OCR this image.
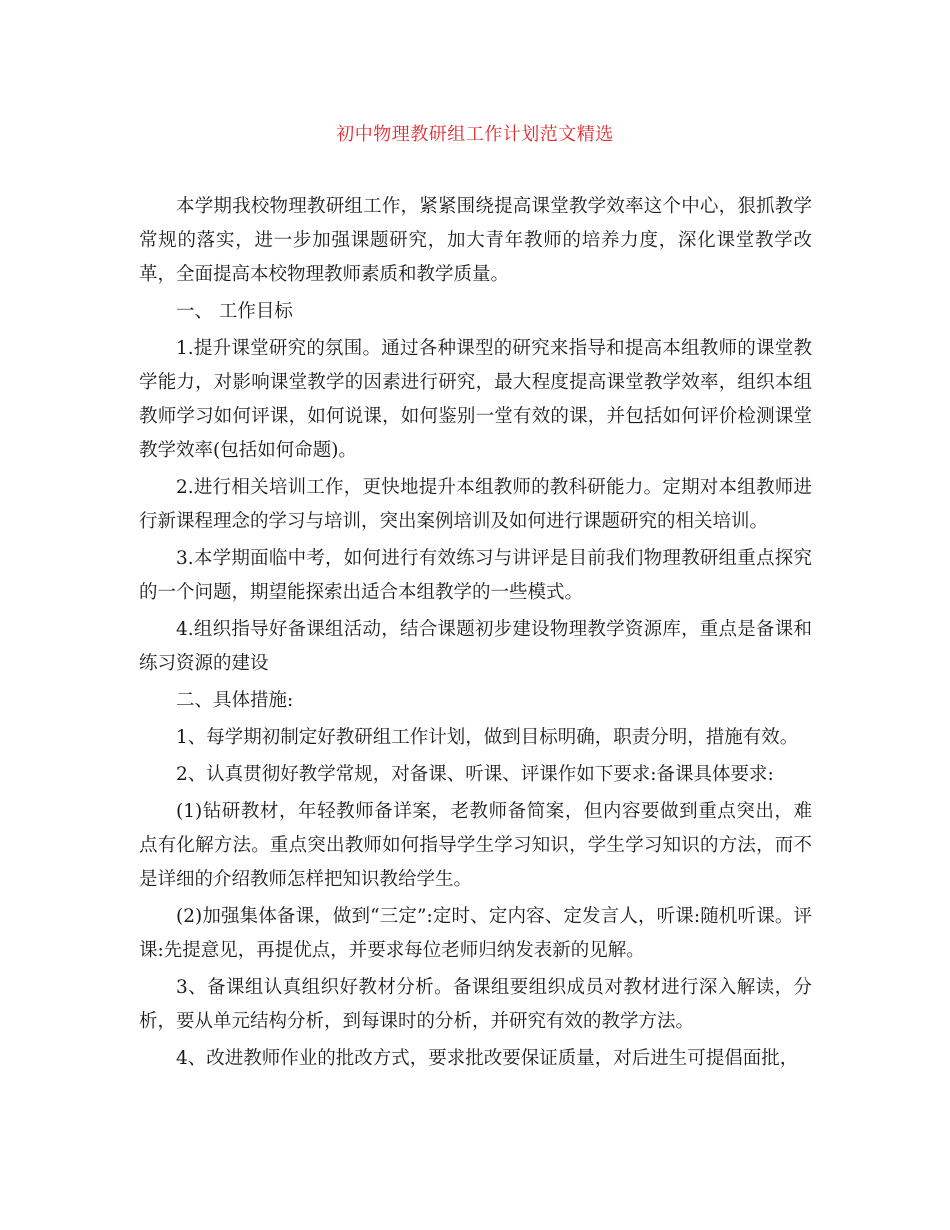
初中物理教研组工作计划范文精选

本学期我校物理教研组工作，紧紧围绕提高课堂教学效率这个中心，狠抓教学常规的落实，进一步加强课题研究，加大青年教师的培养力度，深化课堂教学改革，全面提高本校物理教师素质和教学质量。

一、 工作目标

1.提升课堂研究的氛围。通过各种课型的研究来指导和提高本组教师的课堂教学能力，对影响课堂教学的因素进行研究，最大程度提高课堂教学效率，组织本组教师学习如何评课，如何说课，如何鉴别一堂有效的课，并包括如何评价检测课堂教学效率(包括如何命题)。

2.进行相关培训工作，更快地提升本组教师的教科研能力。定期对本组教师进行新课程理念的学习与培训，突出案例培训及如何进行课题研究的相关培训。

3.本学期面临中考，如何进行有效练习与讲评是目前我们物理教研组重点探究的一个问题，期望能探索出适合本组教学的一些模式。

4.组织指导好备课组活动，结合课题初步建设物理教学资源库，重点是备课和练习资源的建设

二、具体措施:

1、每学期初制定好教研组工作计划，做到目标明确，职责分明，措施有效。

2、认真贯彻好教学常规，对备课、听课、评课作如下要求:备课具体要求:

(1)钻研教材，年轻教师备详案，老教师备简案，但内容要做到重点突出，难点有化解方法。重点突出教师如何指导学生学习知识，学生学习知识的方法，而不是详细的介绍教师怎样把知识教给学生。

(2)加强集体备课，做到“三定”:定时、定内容、定发言人，听课:随机听课。评课:先提意见，再提优点，并要求每位老师归纳发表新的见解。

3、备课组认真组织好教材分析。备课组要组织成员对教材进行深入解读，分析，要从单元结构分析，到每课时的分析，并研究有效的教学方法。

4、改进教师作业的批改方式，要求批改要保证质量，对后进生可提倡面批，
